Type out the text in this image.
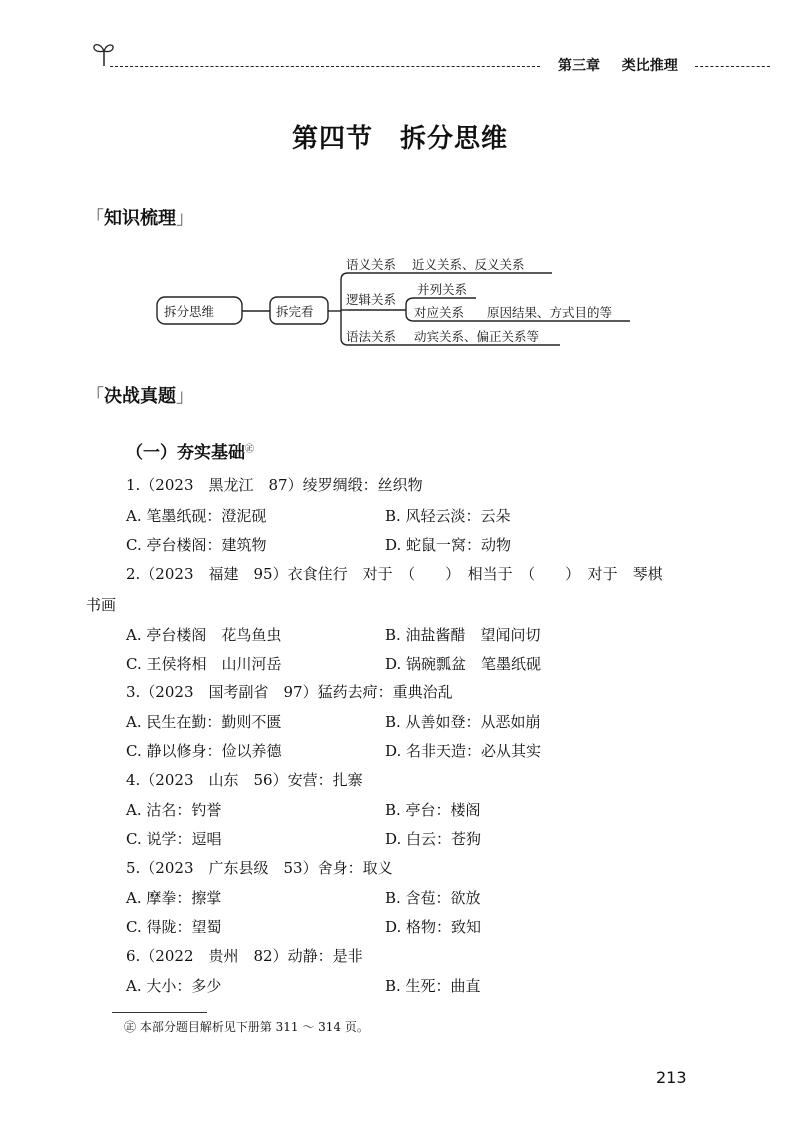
第三章 类比推理
第四节　拆分思维
「知识梳理」
拆分思维	拆完看
语义关系 近义关系、反义关系
逻辑关系
并列关系
对应关系 原因结果、方式目的等
语法关系 动宾关系、偏正关系等
「决战真题」
（一）夯实基础㊣
1.（2023　黑龙江　87）绫罗绸缎：丝织物
A. 笔墨纸砚：澄泥砚	B. 风轻云淡：云朵
C. 亭台楼阁：建筑物	D. 蛇鼠一窝：动物
2.（2023　福建　95）衣食住行　对于　（　　）　相当于　（　　）　对于　琴棋
书画
A. 亭台楼阁　花鸟鱼虫	B. 油盐酱醋　望闻问切
C. 王侯将相　山川河岳	D. 锅碗瓢盆　笔墨纸砚
3.（2023　国考副省　97）猛药去疴：重典治乱
A. 民生在勤：勤则不匮	B. 从善如登：从恶如崩
C. 静以修身：俭以养德	D. 名非天造：必从其实
4.（2023　山东　56）安营：扎寨
A. 沽名：钓誉	B. 亭台：楼阁
C. 说学：逗唱	D. 白云：苍狗
5.（2023　广东县级　53）舍身：取义
A. 摩拳：擦掌	B. 含苞：欲放
C. 得陇：望蜀	D. 格物：致知
6.（2022　贵州　82）动静：是非
A. 大小：多少	B. 生死：曲直
㊣ 本部分题目解析见下册第 311 ～ 314 页。
213
